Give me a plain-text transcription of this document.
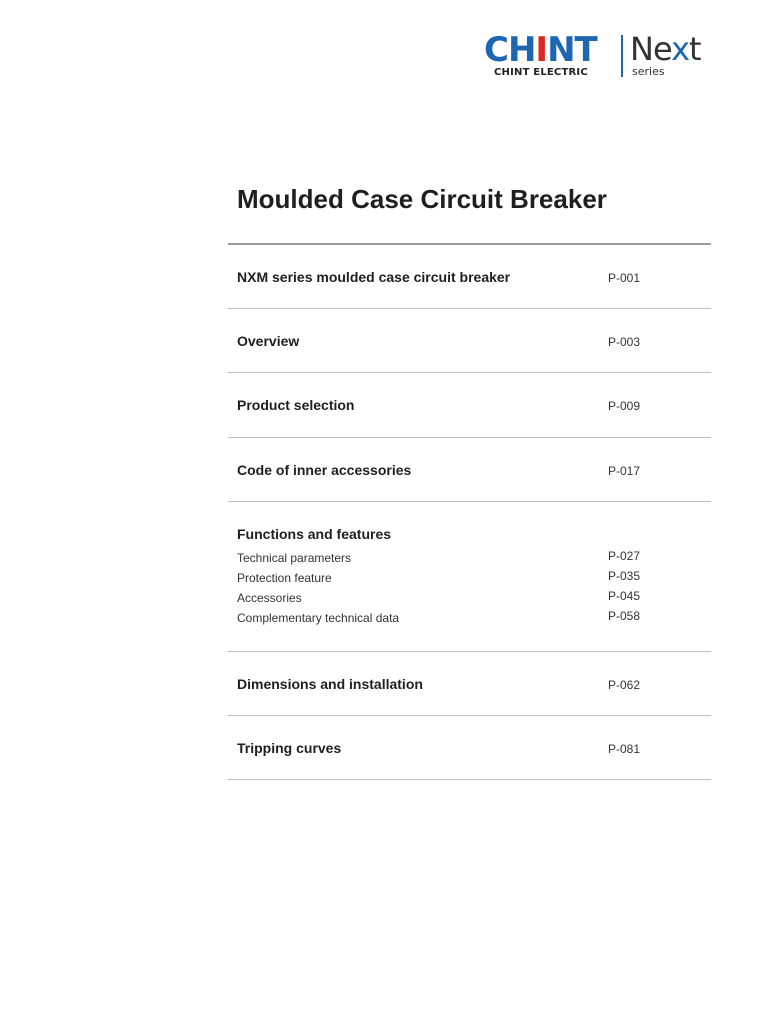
CHINT
CHINT ELECTRIC
Next
series
Moulded Case Circuit Breaker
NXM series moulded case circuit breaker	P-001
Overview	P-003
Product selection	P-009
Code of inner accessories	P-017
Functions and features
Technical parameters	P-027
Protection feature	P-035
Accessories	P-045
Complementary technical data	P-058
Dimensions and installation	P-062
Tripping curves	P-081
